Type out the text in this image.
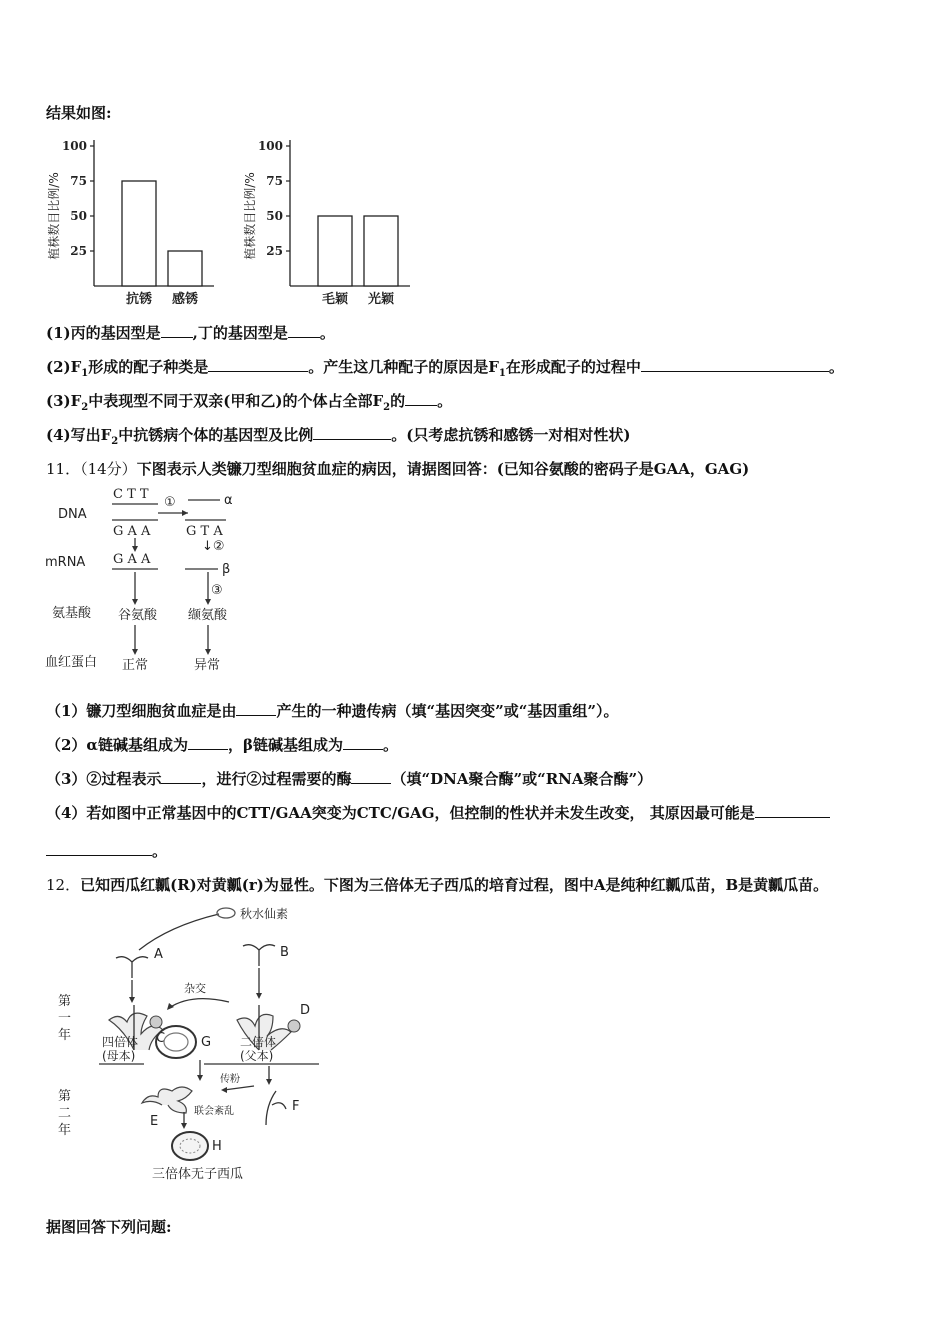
结果如图:
植株数目比例/% 25
50
75
100
抗锈 感锈
植株数目比例/% 25
50
75
100
毛颖 光颖
(1)丙的基因型是 ,丁的基因型是 。
$(2)F_1$形成的配子种类是	。产生这几种配子的原因是$F_1$在形成配子的过程中	。
$(3)F_2$中表现型不同于双亲(甲和乙)的个体占全部$F_2$的 。
(4)写出$F_2$中抗锈病个体的基因型及比例	。(只考虑抗锈和感锈一对相对性状)
11．（14分）下图表示人类镰刀型细胞贫血症的病因，请据图回答：(已知谷氨酸的密码子是GAA，GAG)
DNA
mRNA
氨基酸
血红蛋白
C T T
G A A
①	α
G T A
↓②
G A A
β
③
谷氨酸 缬氨酸
正常	异常
（1）镰刀型细胞贫血症是由	产生的一种遗传病（填“基因突变”或“基因重组”）。
（2）α链碱基组成为	，β链碱基组成为	。
（3）②过程表示	，进行②过程需要的酶	（填“DNA聚合酶”或“RNA聚合酶”）
（4）若如图中正常基因中的CTT/GAA突变为CTC/GAG，但控制的性状并未发生改变， 其原因最可能是
。
12．已知西瓜红瓤(R)对黄瓤(r)为显性。下图为三倍体无子西瓜的培育过程，图中A是纯种红瓤瓜苗，B是黄瓤瓜苗。
秋水仙素
A	B
杂交
C
D
G
第
一
年
第
二
年
四倍体
(母本)
二倍体
(父本)
传粉
E
F
联会紊乱
H
三倍体无子西瓜
据图回答下列问题:
